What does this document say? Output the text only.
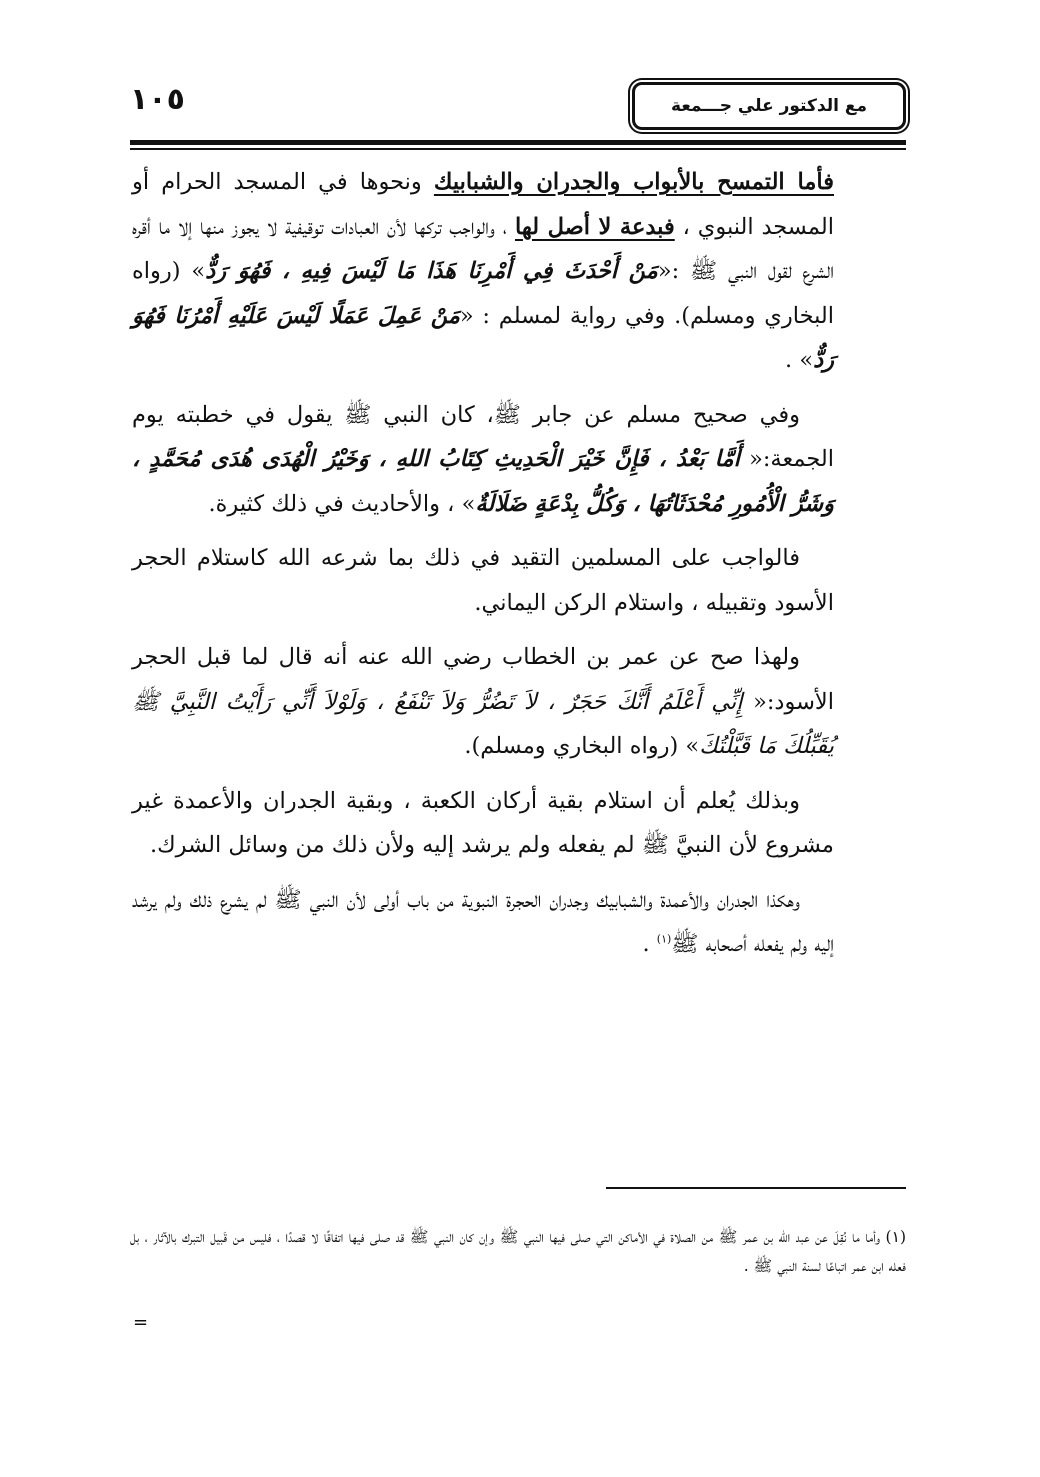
١٠٥	مع الدكتور علي جـــمعة

فأما التمسح بالأبواب والجدران والشبابيك ونحوها في المسجد الحرام أو المسجد النبوي ، فبدعة لا أصل لها ، والواجب تركها لأن العبادات توقيفية لا يجوز منها إلا ما أقره الشرع لقول النبي ﷺ :«مَنْ أَحْدَثَ فِي أَمْرِنَا هَذَا مَا لَيْسَ فِيهِ ، فَهُوَ رَدٌّ» (رواه البخاري ومسلم). وفي رواية لمسلم : «مَنْ عَمِلَ عَمَلًا لَيْسَ عَلَيْهِ أَمْرُنَا فَهُوَ رَدٌّ» .

وفي صحيح مسلم عن جابر ﷺ، كان النبي ﷺ يقول في خطبته يوم الجمعة:« أَمَّا بَعْدُ ، فَإِنَّ خَيْرَ الْحَدِيثِ كِتَابُ اللهِ ، وَخَيْرُ الْهُدَى هُدَى مُحَمَّدٍ ، وَشَرُّ الْأُمُورِ مُحْدَثَاتُهَا ، وَكُلُّ بِدْعَةٍ ضَلَالَةٌ» ، والأحاديث في ذلك كثيرة.

فالواجب على المسلمين التقيد في ذلك بما شرعه الله كاستلام الحجر الأسود وتقبيله ، واستلام الركن اليماني.

ولهذا صح عن عمر بن الخطاب رضي الله عنه أنه قال لما قبل الحجر الأسود:« إِنِّي أَعْلَمُ أَنَّكَ حَجَرٌ ، لاَ تَضُرُّ وَلاَ تَنْفَعُ ، وَلَوْلاَ أَنِّي رَأَيْتُ النَّبِيَّ ﷺ يُقَبِّلُكَ مَا قَبَّلْتُكَ» (رواه البخاري ومسلم).

وبذلك يُعلم أن استلام بقية أركان الكعبة ، وبقية الجدران والأعمدة غير مشروع لأن النبيَّ ﷺ لم يفعله ولم يرشد إليه ولأن ذلك من وسائل الشرك.

وهكذا الجدران والأعمدة والشبابيك وجدران الحجرة النبوية من باب أولى لأن النبي ﷺ لم يشرع ذلك ولم يرشد إليه ولم يفعله أصحابه ﷺ$^{(١)}$ .

(١) وأما ما نُقِلَ عن عبد الله بن عمر ﷺ من الصلاة في الأماكن التي صلى فيها النبي ﷺ وإن كان النبي ﷺ قد صلى فيها اتفاقًا لا قصدًا ، فليس من قَبيل التبرك بالآثار ، بل فعله ابن عمر اتباعًا لسنة النبي ﷺ .
=
